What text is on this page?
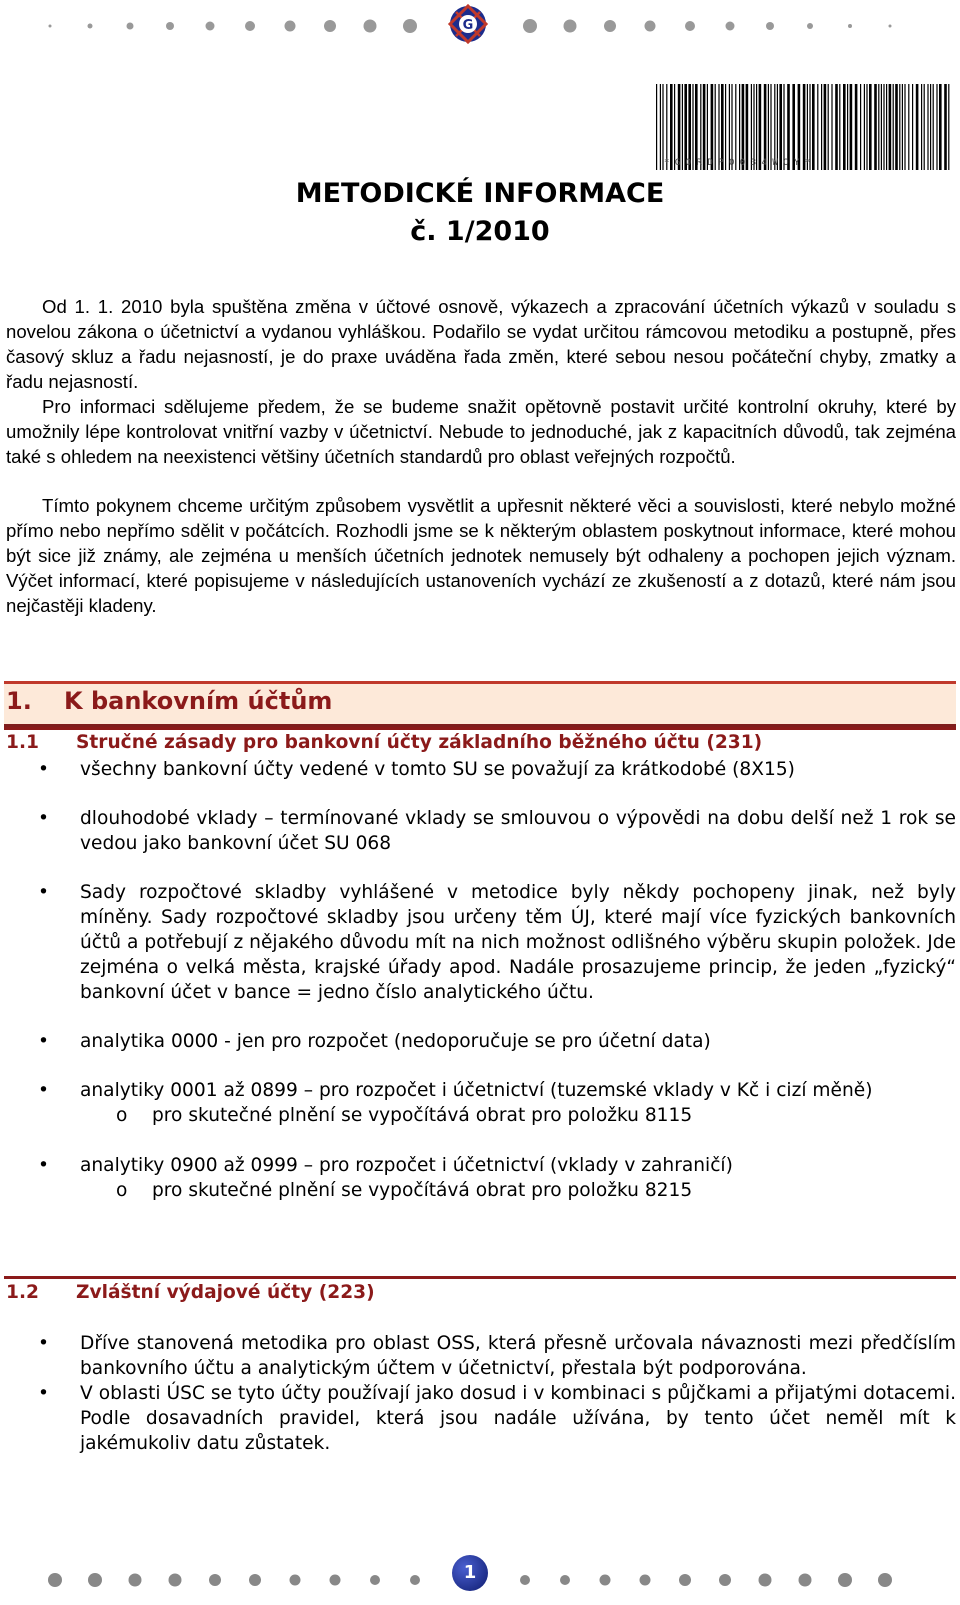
G
* G O R D P 0 0 3 4 W O Y *
METODICKÉ INFORMACE
č. 1/2010

Od 1. 1. 2010 byla spuštěna změna v účtové osnově, výkazech a zpracování účetních výkazů v souladu s novelou zákona o účetnictví a vydanou vyhláškou. Podařilo se vydat určitou rámcovou metodiku a postupně, přes časový skluz a řadu nejasností, je do praxe uváděna řada změn, které sebou nesou počáteční chyby, zmatky a řadu nejasností.

Pro informaci sdělujeme předem, že se budeme snažit opětovně postavit určité kontrolní okruhy, které by umožnily lépe kontrolovat vnitřní vazby v účetnictví. Nebude to jednoduché, jak z kapacitních důvodů, tak zejména také s ohledem na neexistenci většiny účetních standardů pro oblast veřejných rozpočtů.

Tímto pokynem chceme určitým způsobem vysvětlit a upřesnit některé věci a souvislosti, které nebylo možné přímo nebo nepřímo sdělit v počátcích. Rozhodli jsme se k některým oblastem poskytnout informace, které mohou být sice již známy, ale zejména u menších účetních jednotek nemusely být odhaleny a pochopen jejich význam. Výčet informací, které popisujeme v následujících ustanoveních vychází ze zkušeností a z dotazů, které nám jsou nejčastěji kladeny.

1. K bankovním účtům
1.1 Stručné zásady pro bankovní účty základního běžného účtu (231)
• všechny bankovní účty vedené v tomto SU se považují za krátkodobé (8X15)
• dlouhodobé vklady – termínované vklady se smlouvou o výpovědi na dobu delší než 1 rok se vedou jako bankovní účet SU 068
• Sady rozpočtové skladby vyhlášené v metodice byly někdy pochopeny jinak, než byly míněny. Sady rozpočtové skladby jsou určeny těm ÚJ, které mají více fyzických bankovních účtů a potřebují z nějakého důvodu mít na nich možnost odlišného výběru skupin položek. Jde zejména o velká města, krajské úřady apod. Nadále prosazujeme princip, že jeden „fyzický“ bankovní účet v bance = jedno číslo analytického účtu.
• analytika 0000 - jen pro rozpočet (nedoporučuje se pro účetní data)
• analytiky 0001 až 0899 – pro rozpočet i účetnictví (tuzemské vklady v Kč i cizí měně)
o pro skutečné plnění se vypočítává obrat pro položku 8115
• analytiky 0900 až 0999 – pro rozpočet i účetnictví (vklady v zahraničí)
o pro skutečné plnění se vypočítává obrat pro položku 8215
1.2 Zvláštní výdajové účty (223)
• Dříve stanovená metodika pro oblast OSS, která přesně určovala návaznosti mezi předčíslím bankovního účtu a analytickým účtem v účetnictví, přestala být podporována.
• V oblasti ÚSC se tyto účty používají jako dosud i v kombinaci s půjčkami a přijatými dotacemi. Podle dosavadních pravidel, která jsou nadále užívána, by tento účet neměl mít k jakémukoliv datu zůstatek.
1
